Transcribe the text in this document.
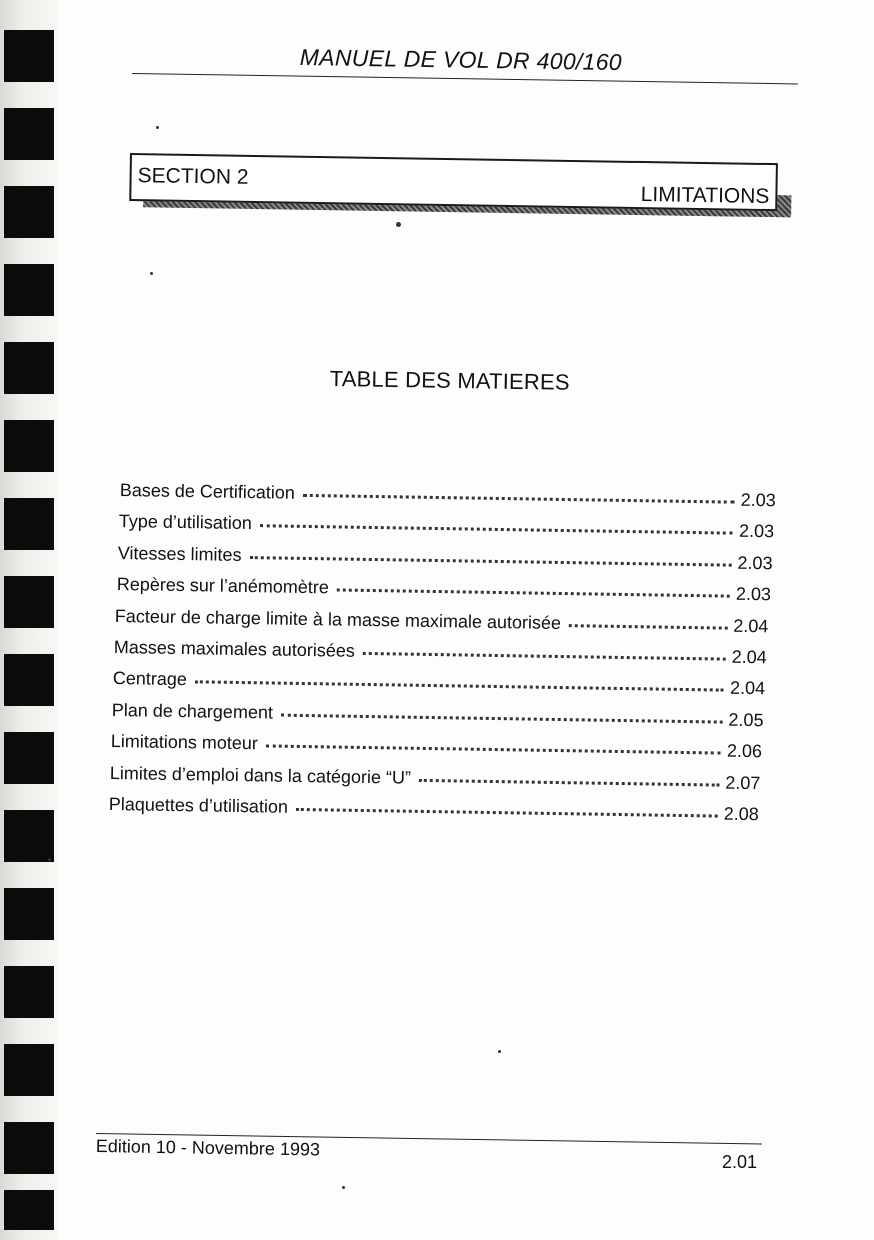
MANUEL DE VOL DR 400/160
SECTION 2
LIMITATIONS
TABLE DES MATIERES
Bases de Certification	2.03
Type d’utilisation	2.03
Vitesses limites	2.03
Repères sur l’anémomètre	2.03
Facteur de charge limite à la masse maximale autorisée	2.04
Masses maximales autorisées	2.04
Centrage	2.04
Plan de chargement	2.05
Limitations moteur	2.06
Limites d’emploi dans la catégorie “U”	2.07
Plaquettes d’utilisation	2.08
Edition 10 - Novembre 1993
2.01
